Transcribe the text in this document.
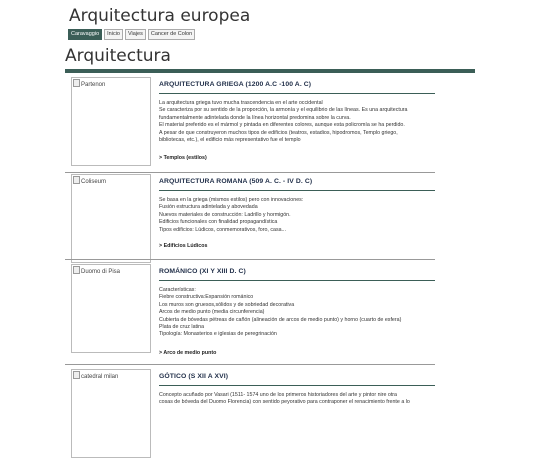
Arquitectura europea
Caravaggio	Inicio	Viajes	Cancer de Colon
Arquitectura
Partenon	ARQUITECTURA GRIEGA (1200 A.C -100 A. C)
La arquitectura griega tuvo mucha trascendencia en el arte occidental
Se caracteriza por su sentido de la proporción, la armonía y el equilibrio de las líneas. Es una arquitectura
fundamentalmente adintelada donde la línea horizontal predomina sobre la curva.
El material preferido es el mármol y pintada en diferentes colores, aunque esta policromía se ha perdido.
A pesar de que construyeron muchos tipos de edificios (teatros, estadios, hipodromos, Templo griego,
bibliotecas, etc.), el edificio más representativo fue el templo
> Templos (estilos)
Coliseum	ARQUITECTURA ROMANA (509 A. C. - IV D. C)
Se basa en la griega (mismos estilos) pero con innovaciones:
Fusión estructura adintelada y abovedada
Nuevos materiales de construcción: Ladrillo y hormigón.
Edificios funcionales con finalidad propagandística
Tipos edificios: Lúdicos, conmemorativos, foro, casa...
> Edificios Lúdicos
Duomo di Pisa	ROMÁNICO (XI Y XIII D. C)
Características:
Fiebre constructiva:Expansión románico
Los muros son gruesos,sólidos y de sobriedad decorativa
Arcos de medio punto (media circunferencia)
Cubierta de bóvedas pétreas de cañón (alineación de arcos de medio punto) y horno (cuarto de esfera)
Plata de cruz latina
Tipología: Monasterios e iglesias de peregrinación
> Arco de medio punto
catedral milan	GÓTICO (S XII A XVI)
Concepto acuñado por Vasari (1511- 1574 uno de los primeros historiadores del arte y pintor nire otra
cosas de bóveda del Duomo Florencia) con sentido peyorativo para contraponer el renacimiento frente a lo
